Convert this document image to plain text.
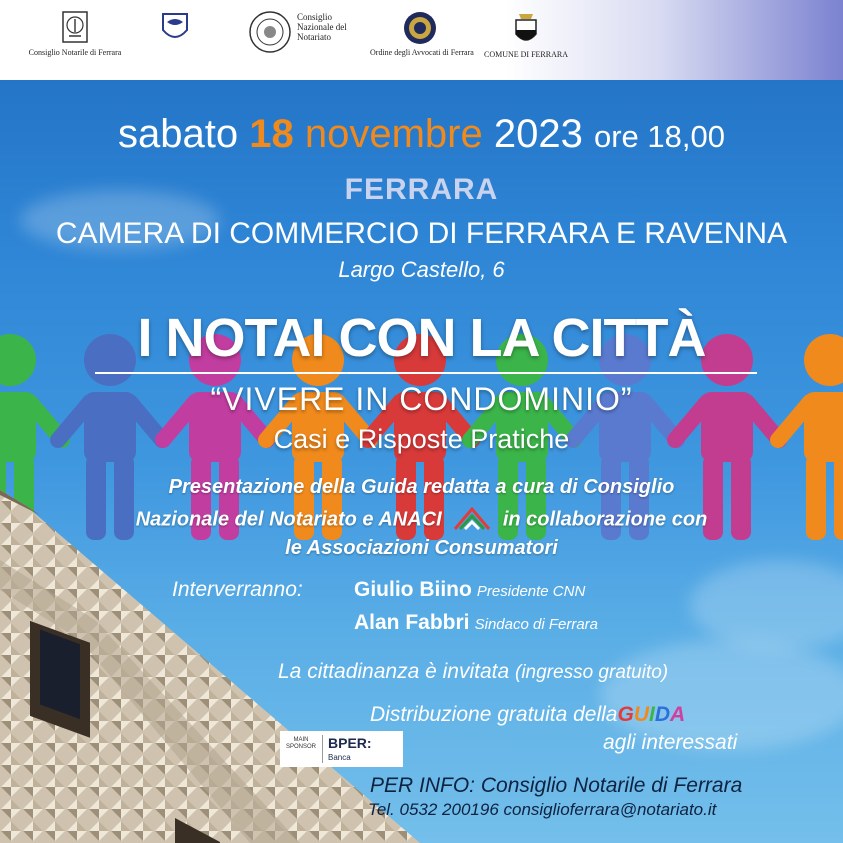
Consiglio Notarile di Ferrara
Consiglio Nazionale del Notariato
Ordine degli Avvocati di Ferrara	COMUNE DI FERRARA
sabato 18 novembre 2023 ore 18,00
FERRARA
CAMERA DI COMMERCIO DI FERRARA E RAVENNA
Largo Castello, 6
I NOTAI CON LA CITTÀ
“VIVERE IN CONDOMINIO”
Casi e Risposte Pratiche
Presentazione della Guida redatta a cura di Consiglio
Nazionale del Notariato e ANACI	in collaborazione con
le Associazioni Consumatori
Interverranno: Giulio Biino Presidente CNN
Alan Fabbri Sindaco di Ferrara
La cittadinanza è invitata (ingresso gratuito)
Distribuzione gratuita dellaGUIDA
agli interessati
MAIN SPONSOR BPER:
Banca
PER INFO: Consiglio Notarile di Ferrara
Tel. 0532 200196 consiglioferrara@notariato.it
